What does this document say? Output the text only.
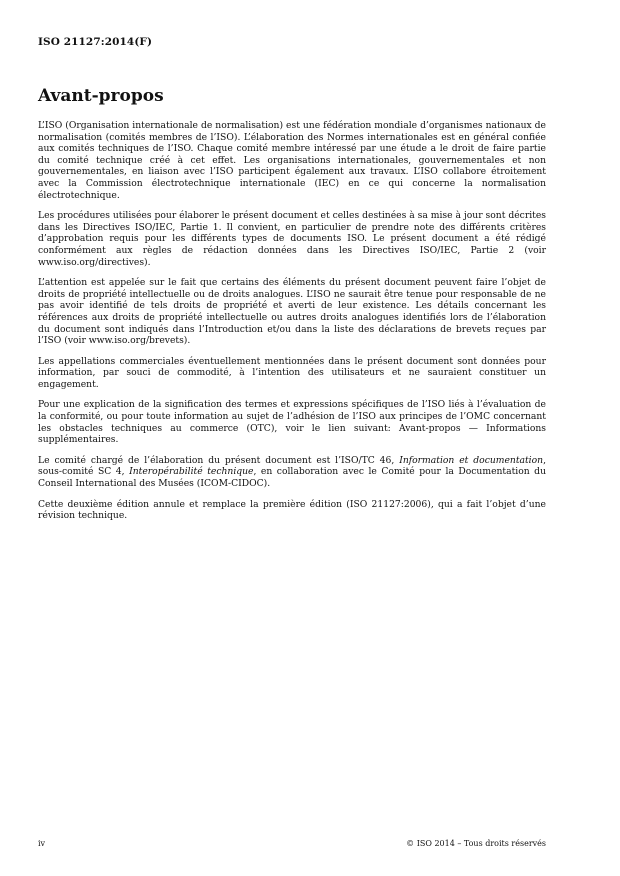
ISO 21127:2014(F)
Avant-propos

L’ISO (Organisation internationale de normalisation) est une fédération mondiale d’organismes nationaux de normalisation (comités membres de l’ISO). L’élaboration des Normes internationales est en général confiée aux comités techniques de l’ISO. Chaque comité membre intéressé par une étude a le droit de faire partie du comité technique créé à cet effet. Les organisations internationales, gouvernementales et non gouvernementales, en liaison avec l’ISO participent également aux travaux. L’ISO collabore étroitement avec la Commission électrotechnique internationale (IEC) en ce qui concerne la normalisation électrotechnique.

Les procédures utilisées pour élaborer le présent document et celles destinées à sa mise à jour sont décrites dans les Directives ISO/IEC, Partie 1. Il convient, en particulier de prendre note des différents critères d’approbation requis pour les différents types de documents ISO. Le présent document a été rédigé conformément aux règles de rédaction données dans les Directives ISO/IEC, Partie 2 (voir www.iso.org/directives).

L’attention est appelée sur le fait que certains des éléments du présent document peuvent faire l’objet de droits de propriété intellectuelle ou de droits analogues. L’ISO ne saurait être tenue pour responsable de ne pas avoir identifié de tels droits de propriété et averti de leur existence. Les détails concernant les références aux droits de propriété intellectuelle ou autres droits analogues identifiés lors de l’élaboration du document sont indiqués dans l’Introduction et/ou dans la liste des déclarations de brevets reçues par l’ISO (voir www.iso.org/brevets).

Les appellations commerciales éventuellement mentionnées dans le présent document sont données pour information, par souci de commodité, à l’intention des utilisateurs et ne sauraient constituer un engagement.

Pour une explication de la signification des termes et expressions spécifiques de l’ISO liés à l’évaluation de la conformité, ou pour toute information au sujet de l’adhésion de l’ISO aux principes de l’OMC concernant les obstacles techniques au commerce (OTC), voir le lien suivant: Avant-propos — Informations supplémentaires.

Le comité chargé de l’élaboration du présent document est l’ISO/TC 46, Information et documentation, sous-comité SC 4, Interopérabilité technique, en collaboration avec le Comité pour la Documentation du Conseil International des Musées (ICOM-CIDOC).

Cette deuxième édition annule et remplace la première édition (ISO 21127:2006), qui a fait l’objet d’une révision technique.

iv	© ISO 2014 – Tous droits réservés
